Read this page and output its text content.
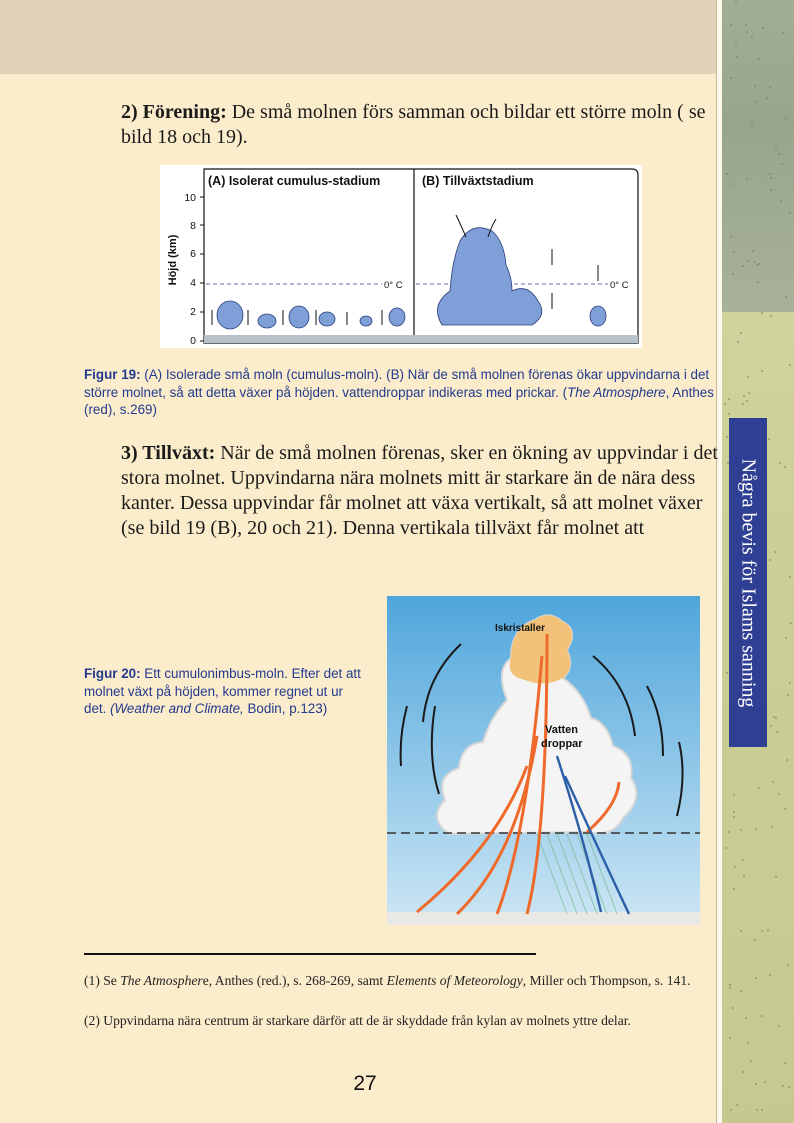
Några bevis för Islams sanning
2) Förening: De små molnen förs samman och bildar ett större moln ( se bild 18 och 19).
(A) Isolerat cumulus-stadium	(B) Tillväxtstadium
Höjd (km)
10
8
6
4
2
0
0° C	0° C
Figur 19: (A) Isolerade små moln (cumulus-moln). (B) När de små molnen förenas ökar uppvindarna i det större molnet, så att detta växer på höjden. vattendroppar indikeras med prickar. (The Atmosphere, Anthes (red), s.269)
3) Tillväxt: När de små molnen förenas, sker en ökning av uppvindar i det stora molnet. Uppvindarna nära molnets mitt är starkare än de nära dess kanter. Dessa uppvindar får molnet att växa vertikalt, så att molnet växer (se bild 19 (B), 20 och 21). Denna vertikala tillväxt får molnet att
Iskristaller
Vatten
droppar
Figur 20: Ett cumulonimbus-moln. Efter det att molnet växt på höjden, kommer regnet ut ur det. (Weather and Climate, Bodin, p.123)
(1) Se The Atmosphere, Anthes (red.), s. 268-269, samt Elements of Meteorology, Miller och Thompson, s. 141.
(2) Uppvindarna nära centrum är starkare därför att de är skyddade från kylan av molnets yttre delar.
27
